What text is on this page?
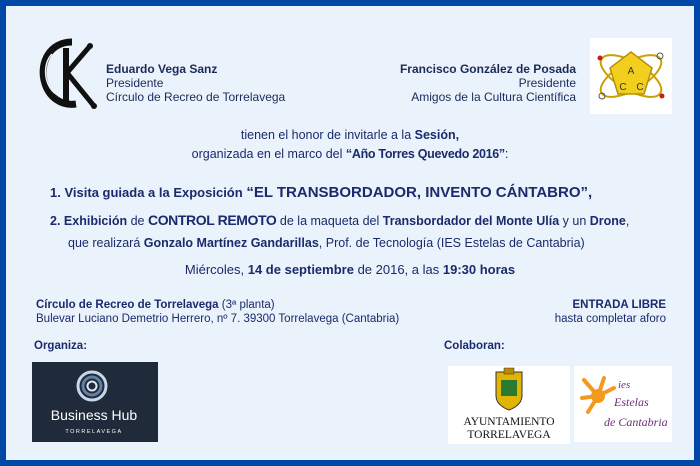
Eduardo Vega Sanz
Presidente
Círculo de Recreo de Torrelavega
Francisco González de Posada
Presidente
Amigos de la Cultura Científica
A
C C
tienen el honor de invitarle a la Sesión,
organizada en el marco del “Año Torres Quevedo 2016”:
1. Visita guiada a la Exposición “EL TRANSBORDADOR, INVENTO CÁNTABRO”,
2. Exhibición de CONTROL REMOTO de la maqueta del Transbordador del Monte Ulía y un Drone,
que realizará Gonzalo Martínez Gandarillas, Prof. de Tecnología (IES Estelas de Cantabria)
Miércoles, 14 de septiembre de 2016, a las 19:30 horas
Círculo de Recreo de Torrelavega (3ª planta)
Bulevar Luciano Demetrio Herrero, nº 7. 39300 Torrelavega (Cantabria)
ENTRADA LIBRE
hasta completar aforo
Organiza:
Business Hub
TORRELAVEGA
Colaboran:
AYUNTAMIENTO
TORRELAVEGA
ies
Estelas
de Cantabria
